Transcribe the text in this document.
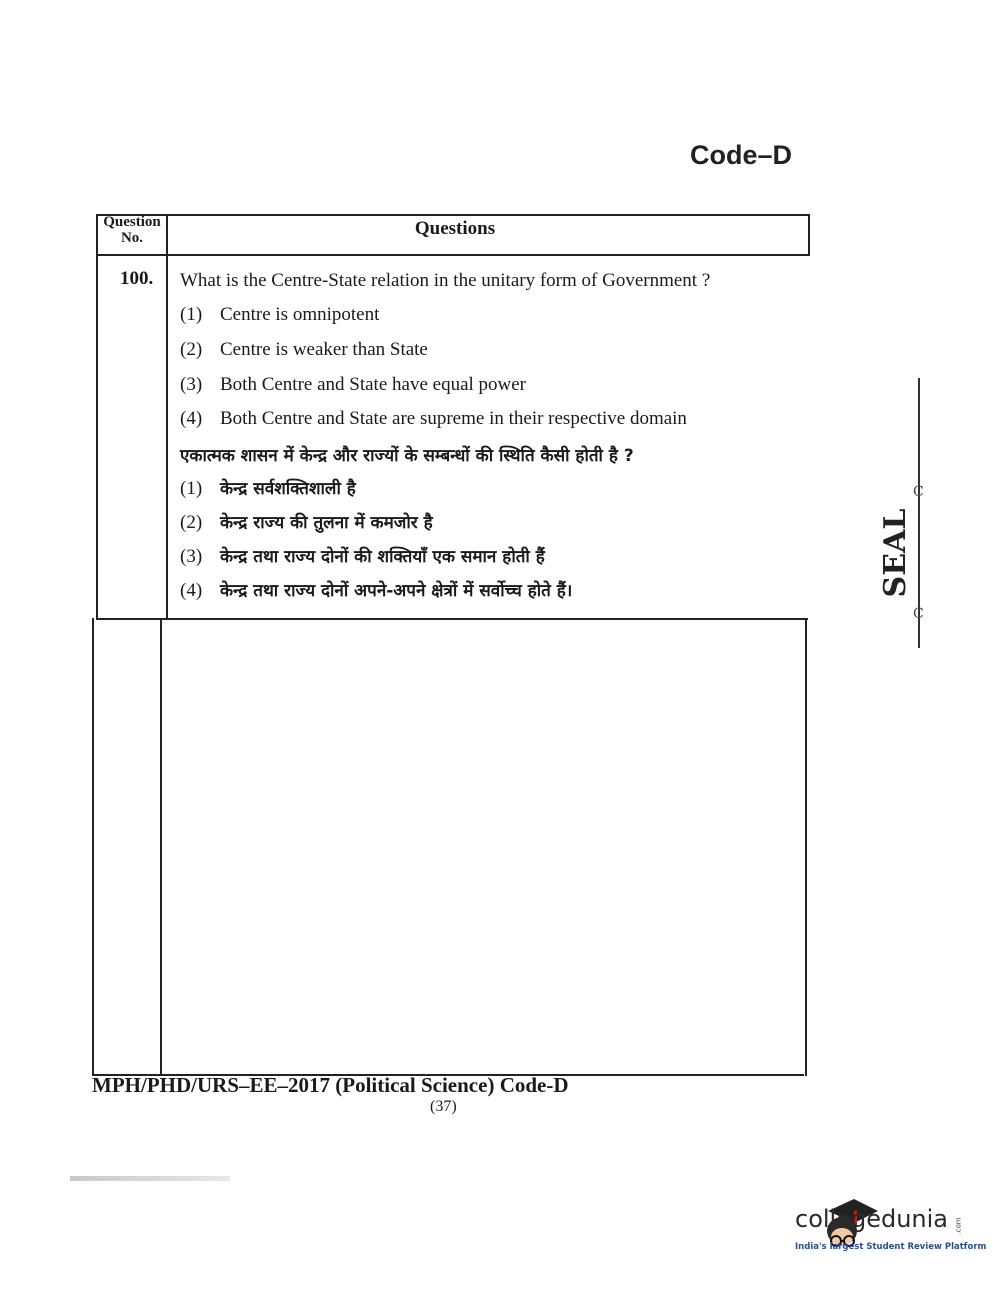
Code–D
Question No.	Questions
100. What is the Centre-State relation in the unitary form of Government ?
(1) Centre is omnipotent
(2) Centre is weaker than State
(3) Both Centre and State have equal power
(4) Both Centre and State are supreme in their respective domain
एकात्मक शासन में केन्द्र और राज्यों के सम्बन्धों की स्थिति कैसी होती है ?
(1) केन्द्र सर्वशक्तिशाली है
(2) केन्द्र राज्य की तुलना में कमजोर है
(3) केन्द्र तथा राज्य दोनों की शक्तियाँ एक समान होती हैं
(4) केन्द्र तथा राज्य दोनों अपने-अपने क्षेत्रों में सर्वोच्च होते हैं।
MPH/PHD/URS–EE–2017 (Political Science) Code-D
(37)
SEAL
C
C
collegedunia .com
India's largest Student Review Platform
